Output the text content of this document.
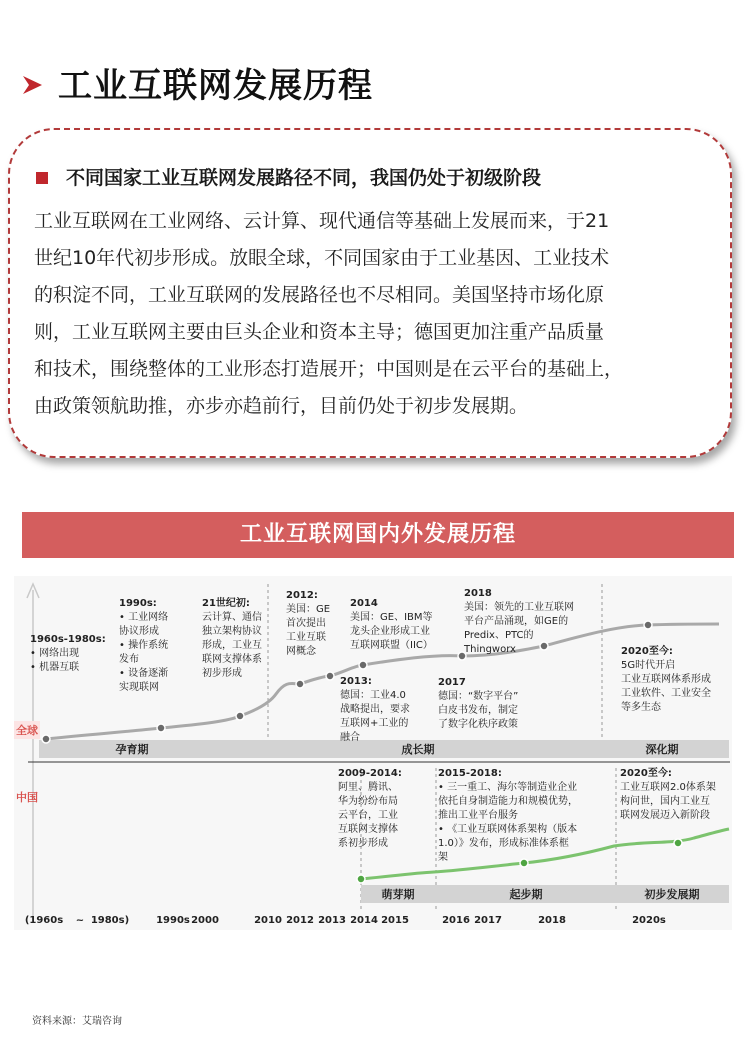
工业互联网发展历程
不同国家工业互联网发展路径不同，我国仍处于初级阶段
工业互联网在工业网络、云计算、现代通信等基础上发展而来，于21
世纪10年代初步形成。放眼全球，不同国家由于工业基因、工业技术
的积淀不同，工业互联网的发展路径也不尽相同。美国坚持市场化原
则，工业互联网主要由巨头企业和资本主导；德国更加注重产品质量
和技术，围绕整体的工业形态打造展开；中国则是在云平台的基础上，
由政策领航助推，亦步亦趋前行，目前仍处于初步发展期。
工业互联网国内外发展历程
全球
中国
孕育期	成长期	深化期
萌芽期	起步期	初步发展期
1960s-1980s:
• 网络出现
• 机器互联
1990s:
• 工业网络
协议形成
• 操作系统
发布
• 设备逐渐
实现联网
21世纪初:
云计算、通信
独立架构协议
形成，工业互
联网支撑体系
初步形成
2012:
美国：GE
首次提出
工业互联
网概念
2013:
德国：工业4.0
战略提出，要求
互联网+工业的
融合
2014
美国：GE、IBM等
龙头企业形成工业
互联网联盟（IIC）
2017
德国：“数字平台”
白皮书发布，制定
了数字化秩序政策
2018
美国：领先的工业互联网
平台产品涌现，如GE的
Predix、PTC的
Thingworx	2020至今:
5G时代开启
工业互联网体系形成
工业软件、工业安全
等多生态
2009-2014:
阿里、腾讯、
华为纷纷布局
云平台，工业
互联网支撑体
系初步形成
2015-2018:
• 三一重工、海尔等制造业企业
依托自身制造能力和规模优势，
推出工业平台服务
• 《工业互联网体系架构（版本
1.0）》发布，形成标准体系框
架
2020至今:
工业互联网2.0体系架
构问世，国内工业互
联网发展迈入新阶段
(1960s ~ 1980s)	1990s 2000	2010 2012 2013 2014 2015	2016 2017	2018	2020s
资料来源：艾瑞咨询
